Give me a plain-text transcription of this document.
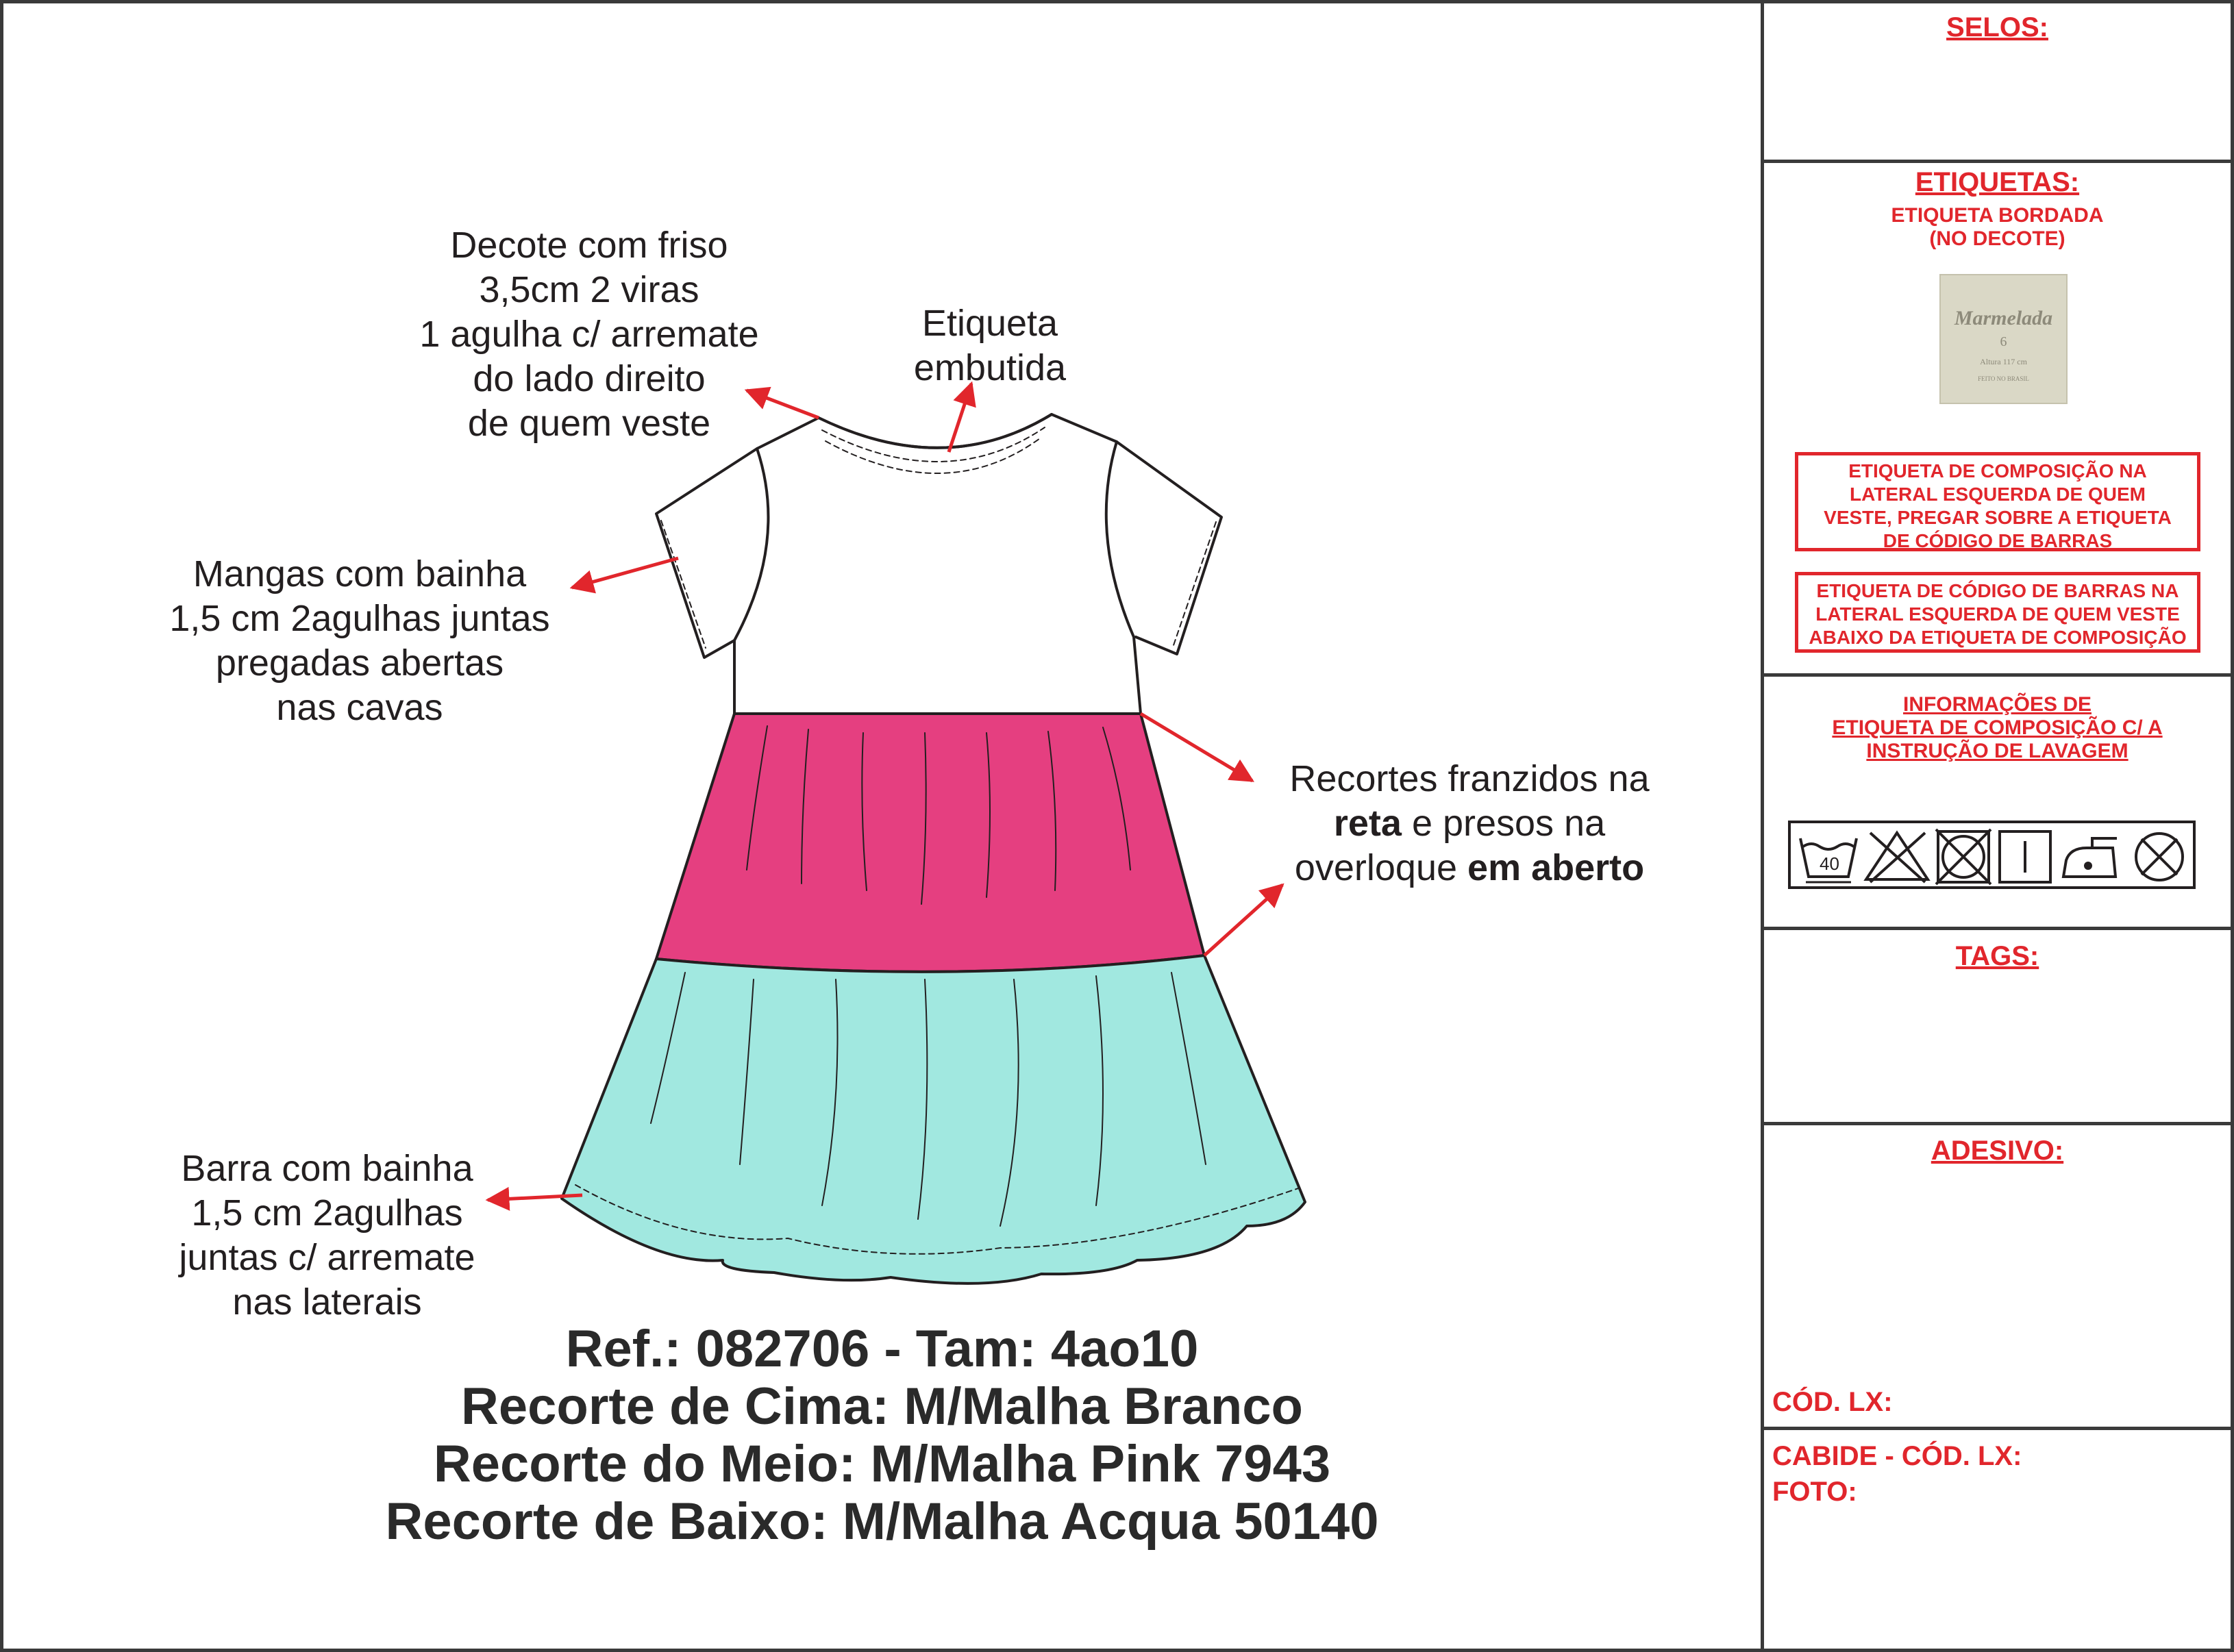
Decote com friso
3,5cm 2 viras
1 agulha c/ arremate
do lado direito
de quem veste
Etiqueta
embutida
Mangas com bainha
1,5 cm 2agulhas juntas
pregadas abertas
nas cavas
Recortes franzidos na
reta e presos na
overloque em aberto
Barra com bainha
1,5 cm 2agulhas
juntas c/ arremate
nas laterais
Ref.: 082706 - Tam: 4ao10
Recorte de Cima: M/Malha Branco
Recorte do Meio: M/Malha Pink 7943
Recorte de Baixo: M/Malha Acqua 50140
SELOS:
ETIQUETAS:
ETIQUETA BORDADA
(NO DECOTE)
Marmelada
6
Altura 117 cm
FEITO NO BRASIL
ETIQUETA DE COMPOSIÇÃO NA
LATERAL ESQUERDA DE QUEM
VESTE, PREGAR SOBRE A ETIQUETA
DE CÓDIGO DE BARRAS
ETIQUETA DE CÓDIGO DE BARRAS NA
LATERAL ESQUERDA DE QUEM VESTE
ABAIXO DA ETIQUETA DE COMPOSIÇÃO
INFORMAÇÕES DE
ETIQUETA DE COMPOSIÇÃO C/ A
INSTRUÇÃO DE LAVAGEM
40
TAGS:
ADESIVO:
CÓD. LX:
CABIDE - CÓD. LX:
FOTO:
